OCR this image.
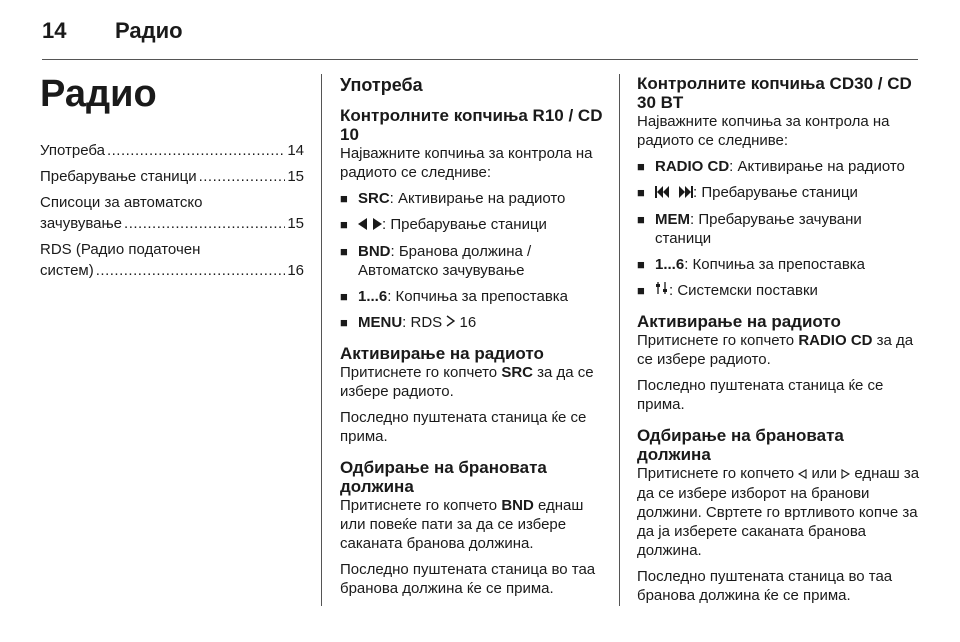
14 Радио
Радио
Употреба .....	14
Пребарување станици .....	15
Списоци за автоматско
зачувување .....	15
RDS (Радио податочен
систем) .....	16
Употреба
Контролните копчиња R10 / CD 10

Најважните копчиња за контрола на радиото се следниве:

■ SRC: Активирање на радиото
■ : Пребарување станици
■ BND: Бранова должина / Автоматско зачувување
■ 1...6: Копчиња за препоставка
■ MENU: RDS 16
Активирање на радиото

Притиснете го копчето SRC за да се избере радиото.

Последно пуштената станица ќе се прима.

Одбирање на брановата должина

Притиснете го копчето BND еднаш или повеќе пати за да се избере саканата бранова должина.

Последно пуштената станица во таа бранова должина ќе се прима.

Контролните копчиња CD30 / CD 30 BT

Најважните копчиња за контрола на радиото се следниве:

■ RADIO CD: Активирање на радиото
■ : Пребарување станици
■ MEM: Пребарување зачувани станици
■ 1...6: Копчиња за препоставка
■ : Системски поставки
Активирање на радиото

Притиснете го копчето RADIO CD за да се избере радиото.

Последно пуштената станица ќе се прима.

Одбирање на брановата должина

Притиснете го копчето  или  еднаш за да се избере изборот на бранови должини. Свртете го вртливото копче за да ја изберете саканата бранова должина.

Последно пуштената станица во таа бранова должина ќе се прима.
